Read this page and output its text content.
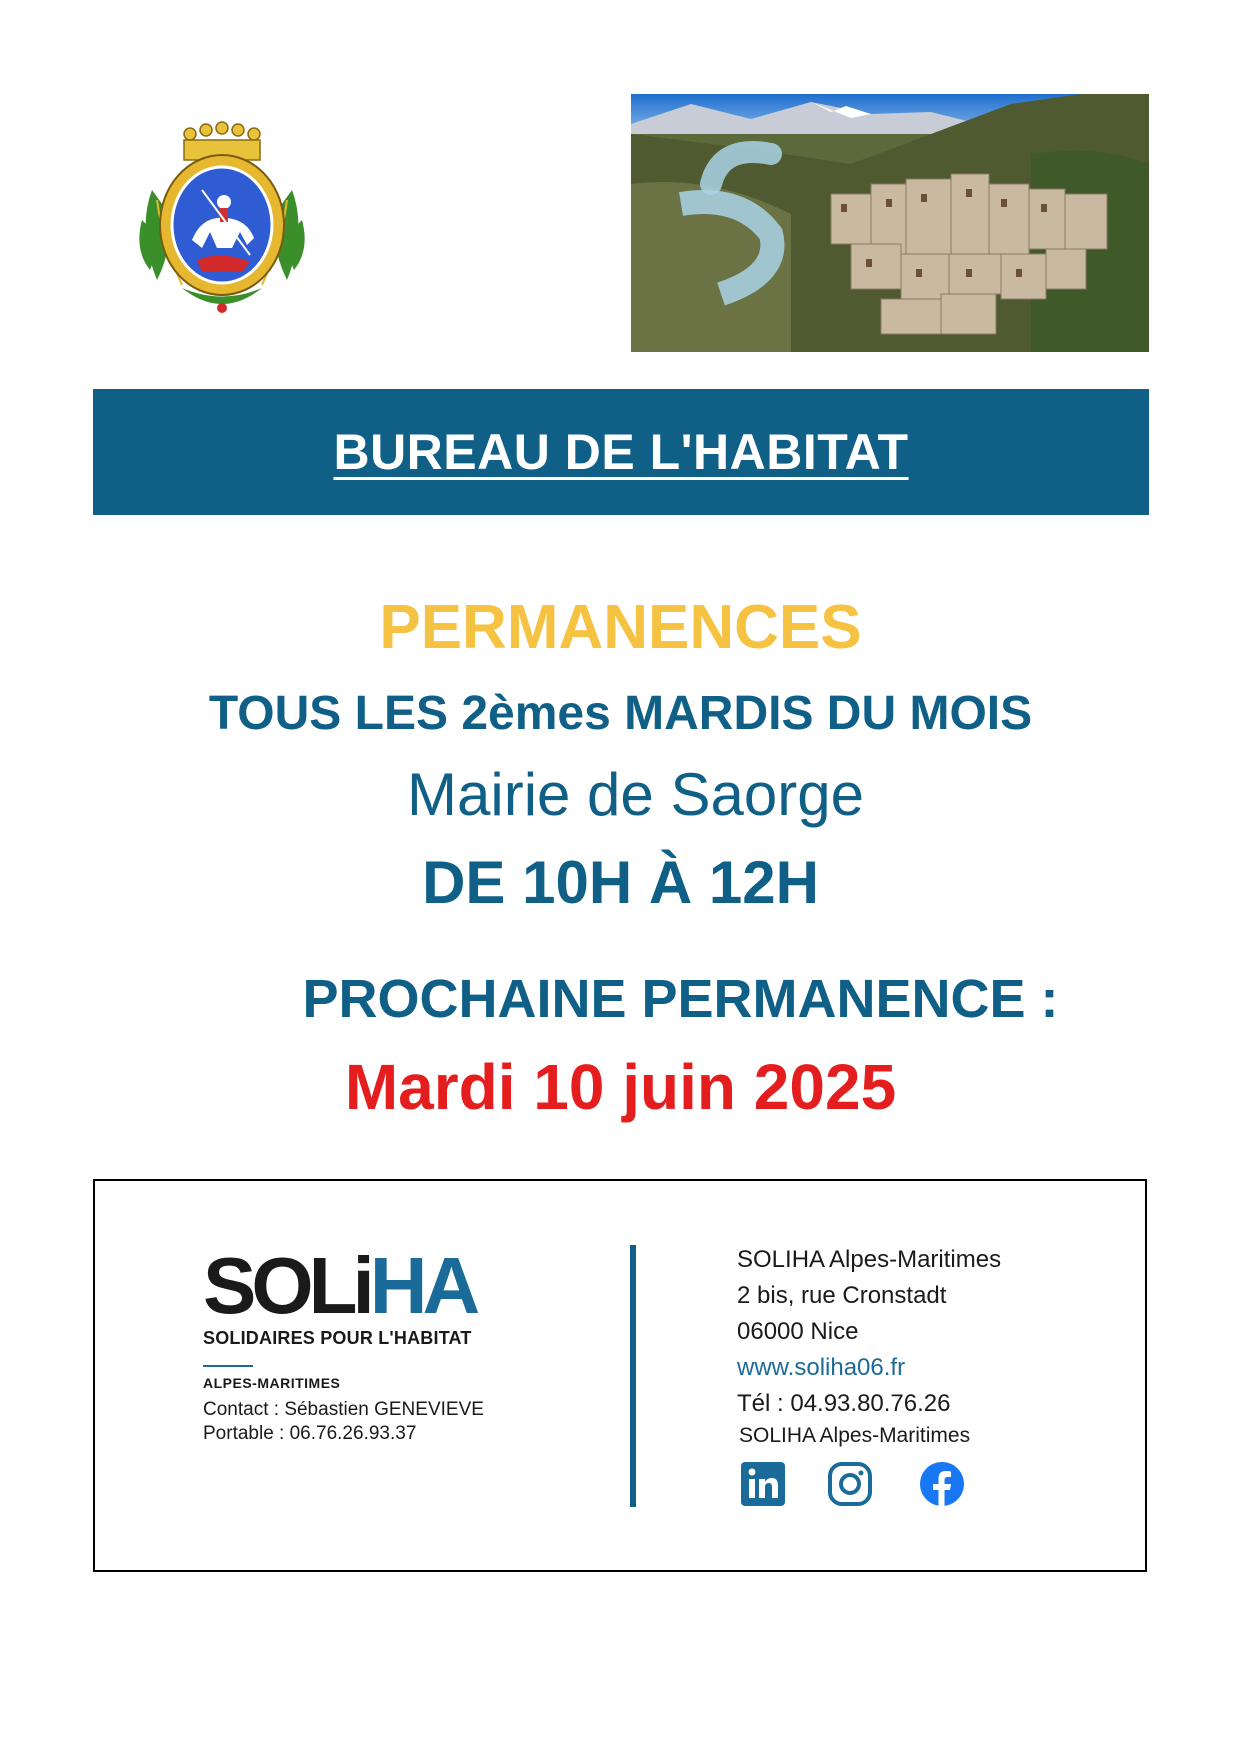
BUREAU DE L'HABITAT
PERMANENCES
TOUS LES 2èmes MARDIS DU MOIS
Mairie de Saorge
DE 10H À 12H
PROCHAINE PERMANENCE :
Mardi 10 juin 2025
SOLiHA
SOLIDAIRES POUR L'HABITAT
ALPES-MARITIMES
Contact : Sébastien GENEVIEVE
Portable : 06.76.26.93.37
SOLIHA Alpes-Maritimes
2 bis, rue Cronstadt
06000 Nice
www.soliha06.fr
Tél : 04.93.80.76.26
SOLIHA Alpes-Maritimes
